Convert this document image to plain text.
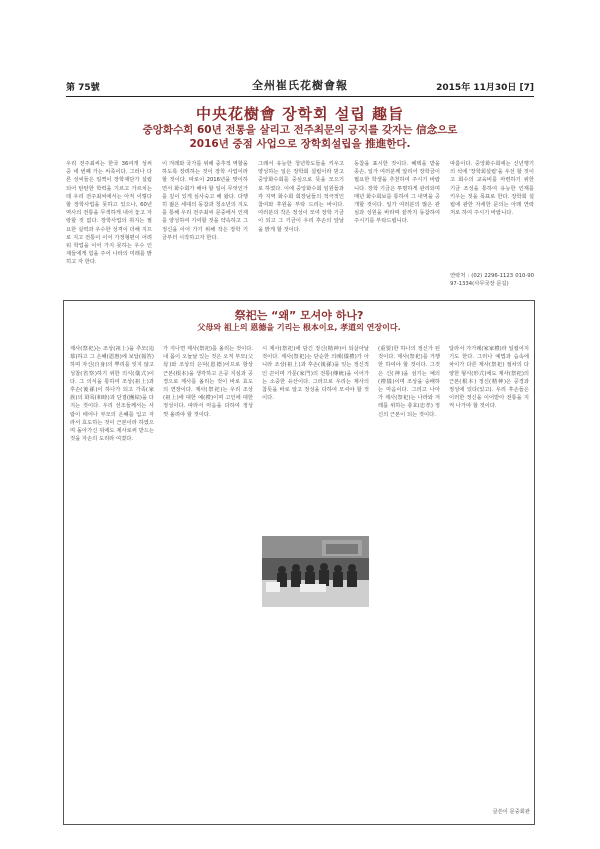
第 75號	全州崔氏花樹會報	2015年 11月30日 [7]
中央花樹會 장학회 설립 趣旨
중앙화수회 60년 전통을 살리고 전주최문의 긍지를 갖자는 信念으로
2016년 중점 사업으로 장학회설립을 推進한다.
우리 전주최씨는 한국 36여개 성씨 중 네 번째 가는 씨족이다. 그러나 다른 성씨들은 일찍이 장학재단가 설립되어 탄탄한 학력을 기르고 가르치는데 우리 전주최씨에서는 아직 이렇다 할 장학사업을 못하고 있으나, 60년 역사의 전통을 무색하게 내어 놓고 자랑할 것 없다. 장학사업의 취지는 필요한 실력과 우수한 성격이 더해 지므로 지고 전통이 이어 가정형편이 어려워 학업을 이어 가지 못하는 우수 인재들에게 힘을 주어 나라의 미래를 밝히고 자 한다.
이 겨레와 국가를 위해 중추적 역할을 하도록 장려하는 것이 장학 사업이라 할 것이다. 따로이 2016년을 맞이하면서 화수회가 해야 할 일이 무엇인가를 깊이 있게 심사숙고 해 왔다. 다행히 젊은 세대의 동참과 청소년의 지도를 통해 우리 전주최씨 문중에서 인재를 양성하여 기여할 것을 약속하고 그 정신을 이어 가기 위해 작은 장학 기금부터 시작하고자 한다.
그래서 유능한 청년학도들을 키우고 양성하는 일은 장학회 설립이라 믿고 중앙화수회를 중심으로 뜻을 모으기로 하였다. 이에 중앙화수회 임원들과 각 지역 화수회 회장님들의 적극적인 참여와 후원을 부탁 드리는 바이다. 여러분의 작은 정성이 모여 장학 기금이 되고 그 기금이 우리 후손의 앞날을 밝게 할 것이다.
동참을 표시한 것이다. 혜택을 받을 종손, 일가 여러분께 알리어 장학금이 필요한 학생을 추천하여 주시기 바랍니다. 장학 기금은 투명하게 관리되며 매년 화수회보를 통하여 그 내역을 공개할 것이다. 일가 여러분의 많은 관심과 성원을 바라며 끝까지 동참하여 주시기를 부탁드립니다.
따름이다. 중앙화수회에는 신년행기의 석에 '장학회설립'을 우선 할 것이고 회수의 교육비를 마련하기 위한 기금 조성을 통하여 유능한 인재를 키우는 것을 목표로 한다. 장학회 설립에 관한 자세한 문의는 아래 연락처로 하여 주시기 바랍니다.
연락처 : (02) 2296-1123 010-9097-1334(사무국장 문길)
祭祀는 “왜” 모셔야 하나?
父母와 祖上의 恩德을 기리는 根本이요, 孝道의 연장이다.
제사(祭祀)는 조상(祖上)을 추모(追慕)하고 그 은혜(恩惠)에 보답(報答)하며 자신(自身)의 뿌리를 잊지 않고 성찰(省察)하기 위한 의식(儀式)이다. 그 의식을 통하여 조상(祖上)과 후손(後孫)이 하나가 되고 가족(家族)의 화목(和睦)과 단결(團結)을 다지는 것이다. 우리 선조들께서는 사람이 태어나 부모의 은혜를 입고 자라서 효도하는 것이 근본이라 하였으며 돌아가신 뒤에도 제사로써 받드는 것을 자손의 도리라 여겼다.
가 지나면 제사(祭祀)를 올리는 것이다. 내 몸이 오늘날 있는 것은 오직 부모(父母)와 조상의 은덕(恩德)이므로 항상 근본(根本)을 생각하고 은공 지심과 공경으로 제사를 올리는 것이 바로 효도의 연장이다. 제사(祭祀)는 우리 조상(祖上)에 대한 예(禮)이며 고인에 대한 정성이다. 따라서 마음을 다하여 정성껏 올려야 할 것이다.
시 제사(祭祀)에 담긴 정신(精神)이 되살아날 것이다. 제사(祭祀)는 단순한 의례(儀禮)가 아니라 조상(祖上)과 후손(後孫)을 잇는 정신적인 끈이며 가문(家門)의 전통(傳統)을 이어가는 소중한 유산이다. 그러므로 우리는 제사의 참뜻을 바로 알고 정성을 다하여 모셔야 할 것이다.
(重要)한 하나의 정신가 된 것이다. 제사(祭祀)를 거행한 하여야 할 것이다. 그것은 신(神)을 섬기는 예의(禮儀)이며 조상을 숭배하는 마음이다. 그리고 나아가 제사(祭祀)는 나라와 겨레를 위하는 충효(忠孝) 정신의 근본이 되는 것이다.
달라서 가가례(家家禮)라 일컬어지기도 한다. 그러나 예법과 습속에 차이가 다른 제사(祭祀) 절차의 다양한 형식(形式)에도 제사(祭祀)의 근본(根本) 정신(精神)은 공경과 정성에 있다(있고). 우리 후손들은 이러한 정신을 이어받아 전통을 지켜 나가야 할 것이다.
글쓴이 문중회관
